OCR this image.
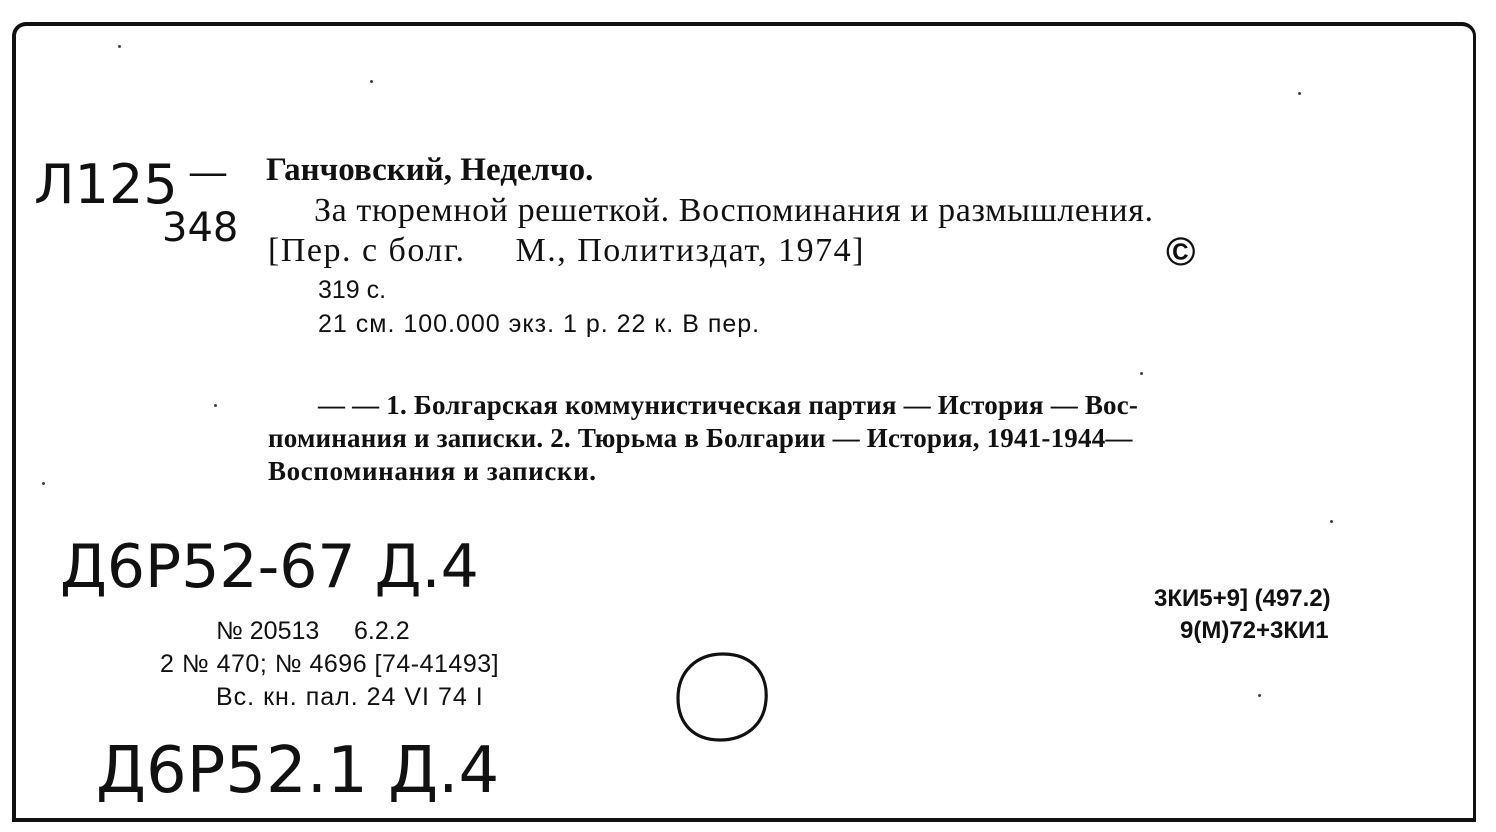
Л125
348
— Ганчовский, Неделчо.
За тюремной решеткой. Воспоминания и размышления.
[Пер. с болг.     М., Политиздат, 1974]	©
319 с.
21 см. 100.000 экз. 1 р. 22 к. В пер.
— — 1. Болгарская коммунистическая партия — История — Вос-
поминания и записки. 2. Тюрьма в Болгарии — История, 1941-1944—
Воспоминания и записки.
Д6Р52-67 Д.4
№ 20513     6.2.2
2 № 470; № 4696 [74-41493]
Вс. кн. пал. 24 VI 74 I
3КИ5+9] (497.2)
9(М)72+3КИ1
Д6Р52.1 Д.4
